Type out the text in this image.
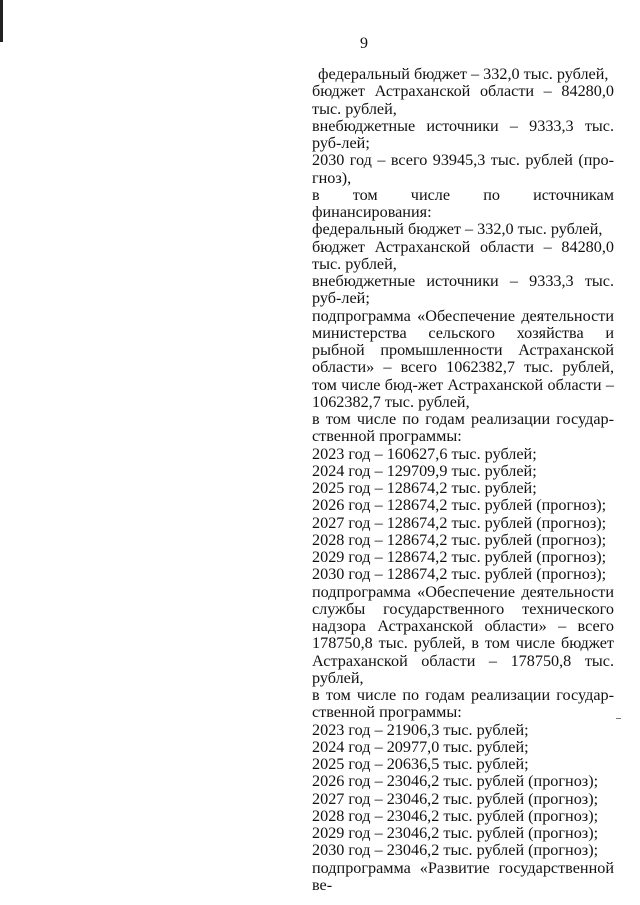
9
федеральный бюджет – 332,0 тыс. рублей,
бюджет Астраханской области – 84280,0 тыс. рублей,
внебюджетные источники – 9333,3 тыс. руб-лей;
2030 год – всего 93945,3 тыс. рублей (про-гноз),
в том числе по источникам финансирования:
федеральный бюджет – 332,0 тыс. рублей,
бюджет Астраханской области – 84280,0 тыс. рублей,
внебюджетные источники – 9333,3 тыс. руб-лей;
подпрограмма «Обеспечение деятельности министерства сельского хозяйства и рыбной промышленности Астраханской области» – всего 1062382,7 тыс. рублей, том числе бюд-жет Астраханской области – 1062382,7 тыс. рублей,
в том числе по годам реализации государ-ственной программы:
2023 год – 160627,6 тыс. рублей;
2024 год – 129709,9 тыс. рублей;
2025 год – 128674,2 тыс. рублей;
2026 год – 128674,2 тыс. рублей (прогноз);
2027 год – 128674,2 тыс. рублей (прогноз);
2028 год – 128674,2 тыс. рублей (прогноз);
2029 год – 128674,2 тыс. рублей (прогноз);
2030 год – 128674,2 тыс. рублей (прогноз);
подпрограмма «Обеспечение деятельности службы государственного технического надзора Астраханской области» – всего 178750,8 тыс. рублей, в том числе бюджет Астраханской области – 178750,8 тыс. рублей,
в том числе по годам реализации государ-ственной программы:
2023 год – 21906,3 тыс. рублей;
2024 год – 20977,0 тыс. рублей;
2025 год – 20636,5 тыс. рублей;
2026 год – 23046,2 тыс. рублей (прогноз);
2027 год – 23046,2 тыс. рублей (прогноз);
2028 год – 23046,2 тыс. рублей (прогноз);
2029 год – 23046,2 тыс. рублей (прогноз);
2030 год – 23046,2 тыс. рублей (прогноз);
подпрограмма «Развитие государственной ве-
